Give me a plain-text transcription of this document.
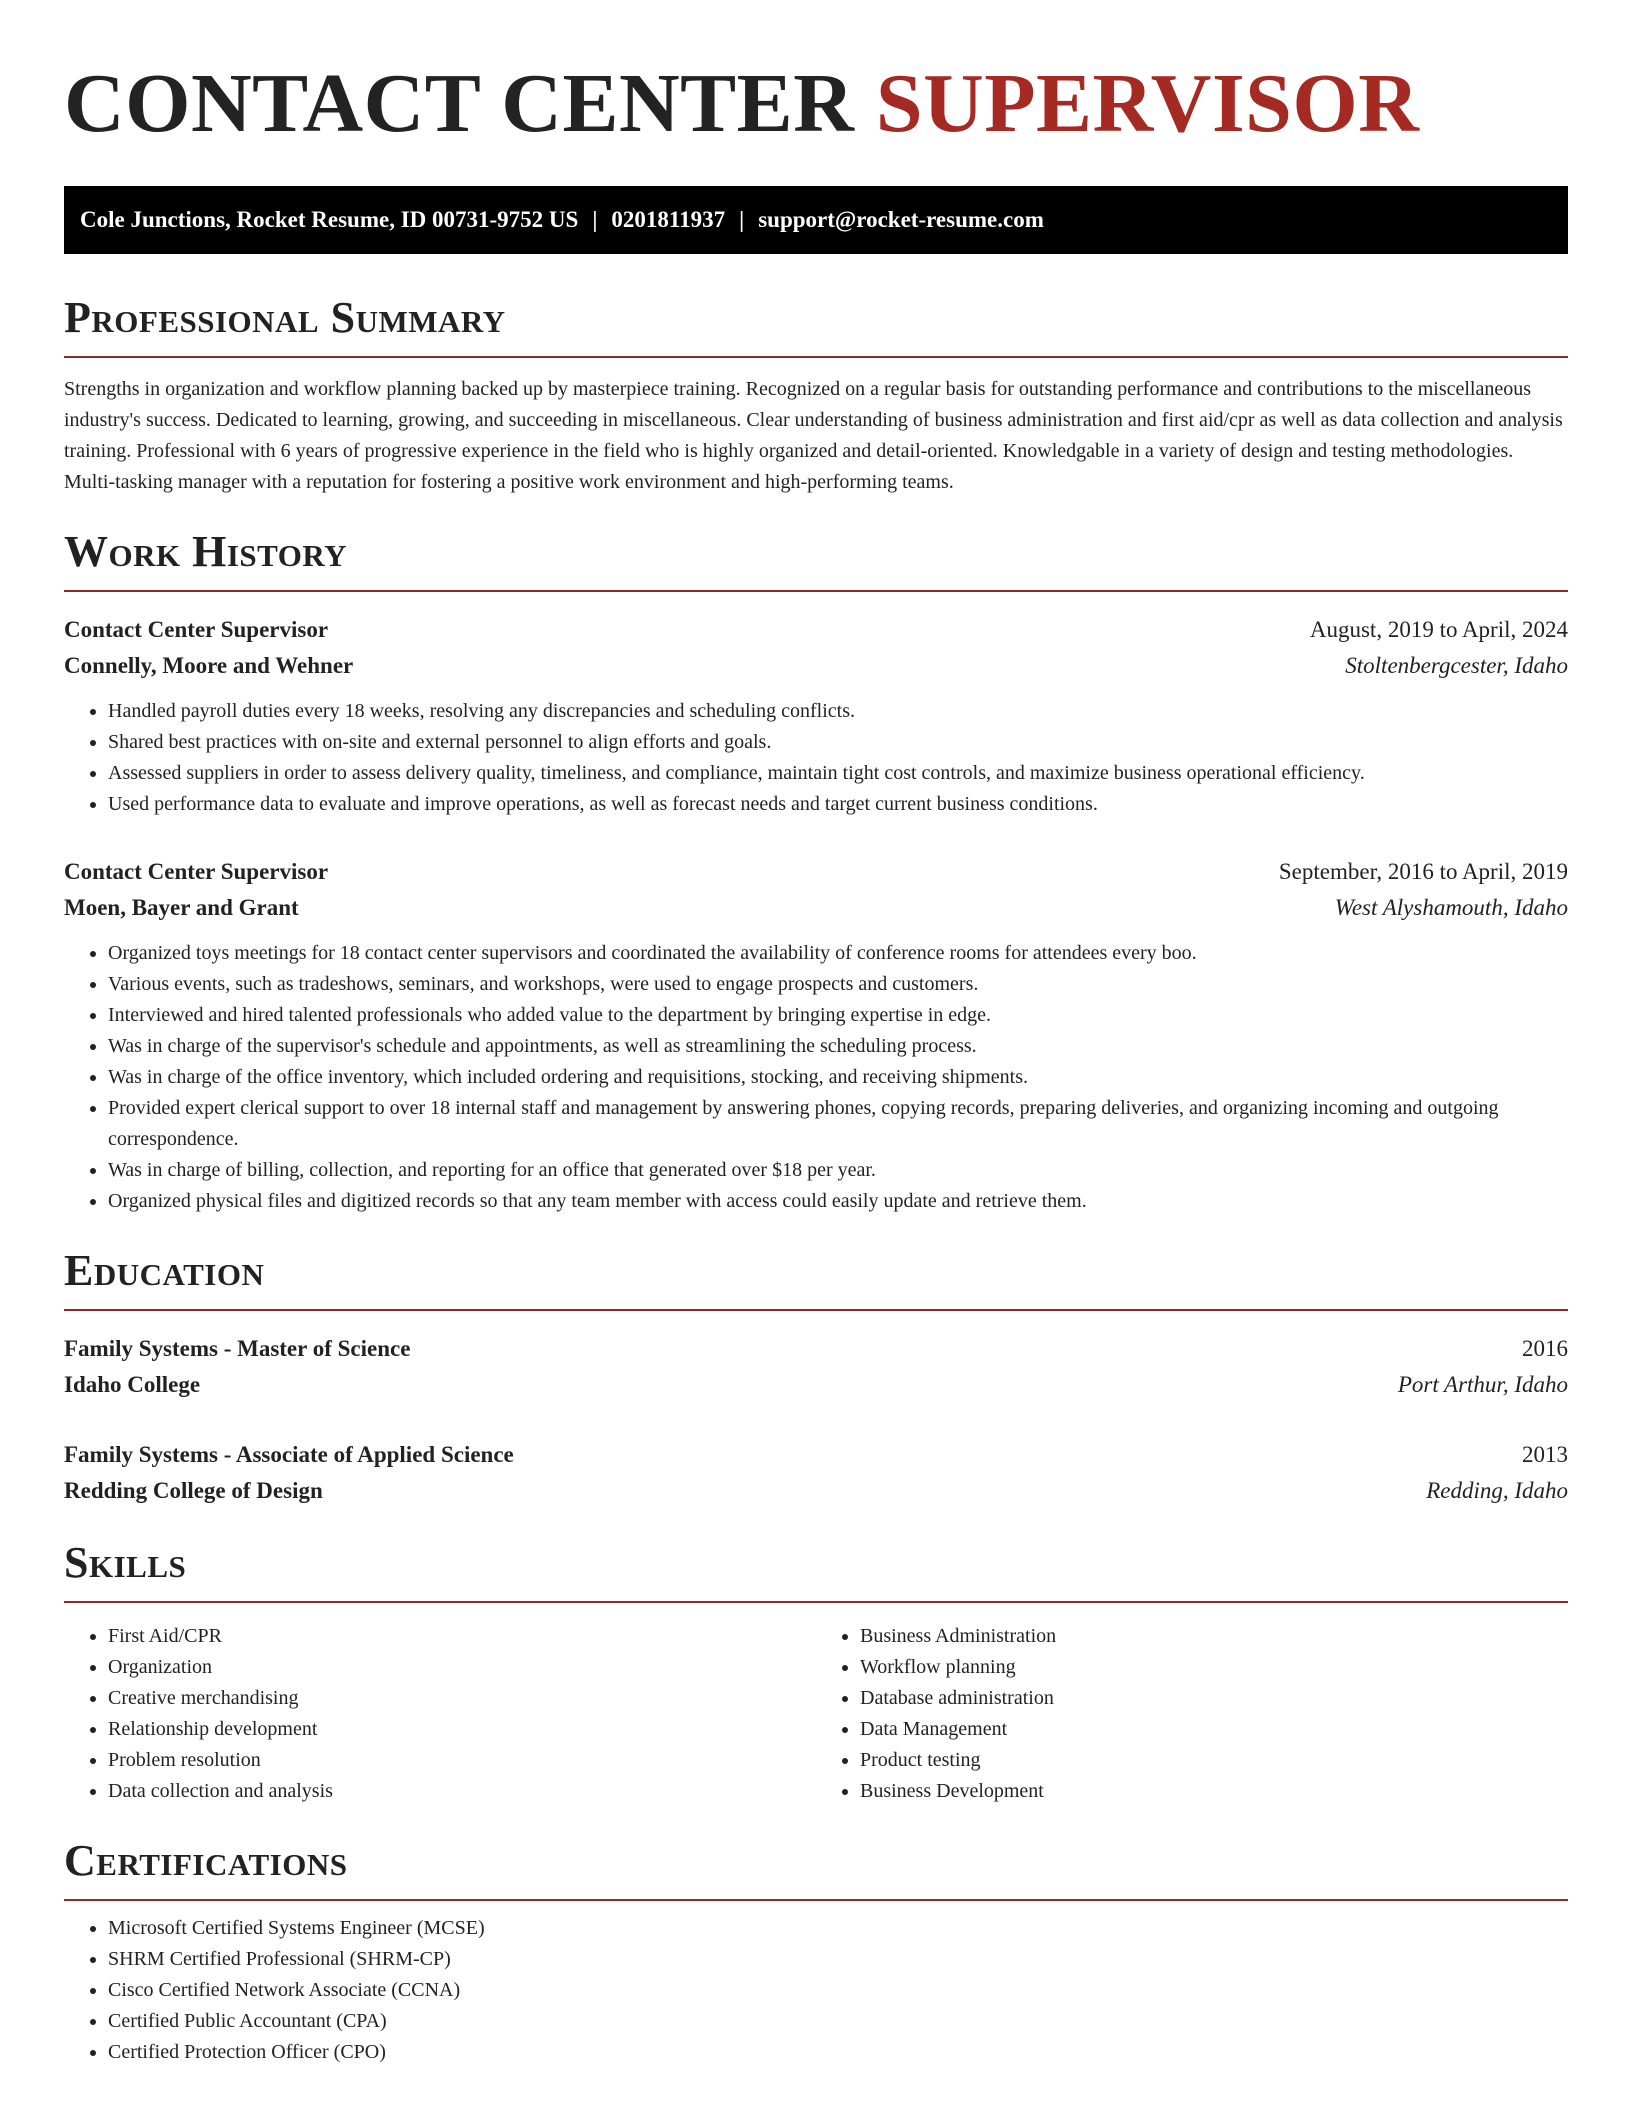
CONTACT CENTER SUPERVISOR
Cole Junctions, Rocket Resume, ID 00731-9752 US | 0201811937 | support@rocket-resume.com
Professional Summary

Strengths in organization and workflow planning backed up by masterpiece training. Recognized on a regular basis for outstanding performance and contributions to the miscellaneous industry's success. Dedicated to learning, growing, and succeeding in miscellaneous. Clear understanding of business administration and first aid/cpr as well as data collection and analysis training. Professional with 6 years of progressive experience in the field who is highly organized and detail-oriented. Knowledgable in a variety of design and testing methodologies. Multi-tasking manager with a reputation for fostering a positive work environment and high-performing teams.

Work History
Contact Center Supervisor	August, 2019 to April, 2024
Connelly, Moore and Wehner	Stoltenbergcester, Idaho
• Handled payroll duties every 18 weeks, resolving any discrepancies and scheduling conflicts.
• Shared best practices with on-site and external personnel to align efforts and goals.
• Assessed suppliers in order to assess delivery quality, timeliness, and compliance, maintain tight cost controls, and maximize business operational efficiency.
• Used performance data to evaluate and improve operations, as well as forecast needs and target current business conditions.
Contact Center Supervisor	September, 2016 to April, 2019
Moen, Bayer and Grant	West Alyshamouth, Idaho
• Organized toys meetings for 18 contact center supervisors and coordinated the availability of conference rooms for attendees every boo.
• Various events, such as tradeshows, seminars, and workshops, were used to engage prospects and customers.
• Interviewed and hired talented professionals who added value to the department by bringing expertise in edge.
• Was in charge of the supervisor's schedule and appointments, as well as streamlining the scheduling process.
• Was in charge of the office inventory, which included ordering and requisitions, stocking, and receiving shipments.
• Provided expert clerical support to over 18 internal staff and management by answering phones, copying records, preparing deliveries, and organizing incoming and outgoing correspondence.
• Was in charge of billing, collection, and reporting for an office that generated over $18 per year.
• Organized physical files and digitized records so that any team member with access could easily update and retrieve them.
Education
Family Systems - Master of Science	2016
Idaho College	Port Arthur, Idaho
Family Systems - Associate of Applied Science	2013
Redding College of Design	Redding, Idaho
Skills
• First Aid/CPR
• Organization
• Creative merchandising
• Relationship development
• Problem resolution
• Data collection and analysis
• Business Administration
• Workflow planning
• Database administration
• Data Management
• Product testing
• Business Development
Certifications
• Microsoft Certified Systems Engineer (MCSE)
• SHRM Certified Professional (SHRM-CP)
• Cisco Certified Network Associate (CCNA)
• Certified Public Accountant (CPA)
• Certified Protection Officer (CPO)
